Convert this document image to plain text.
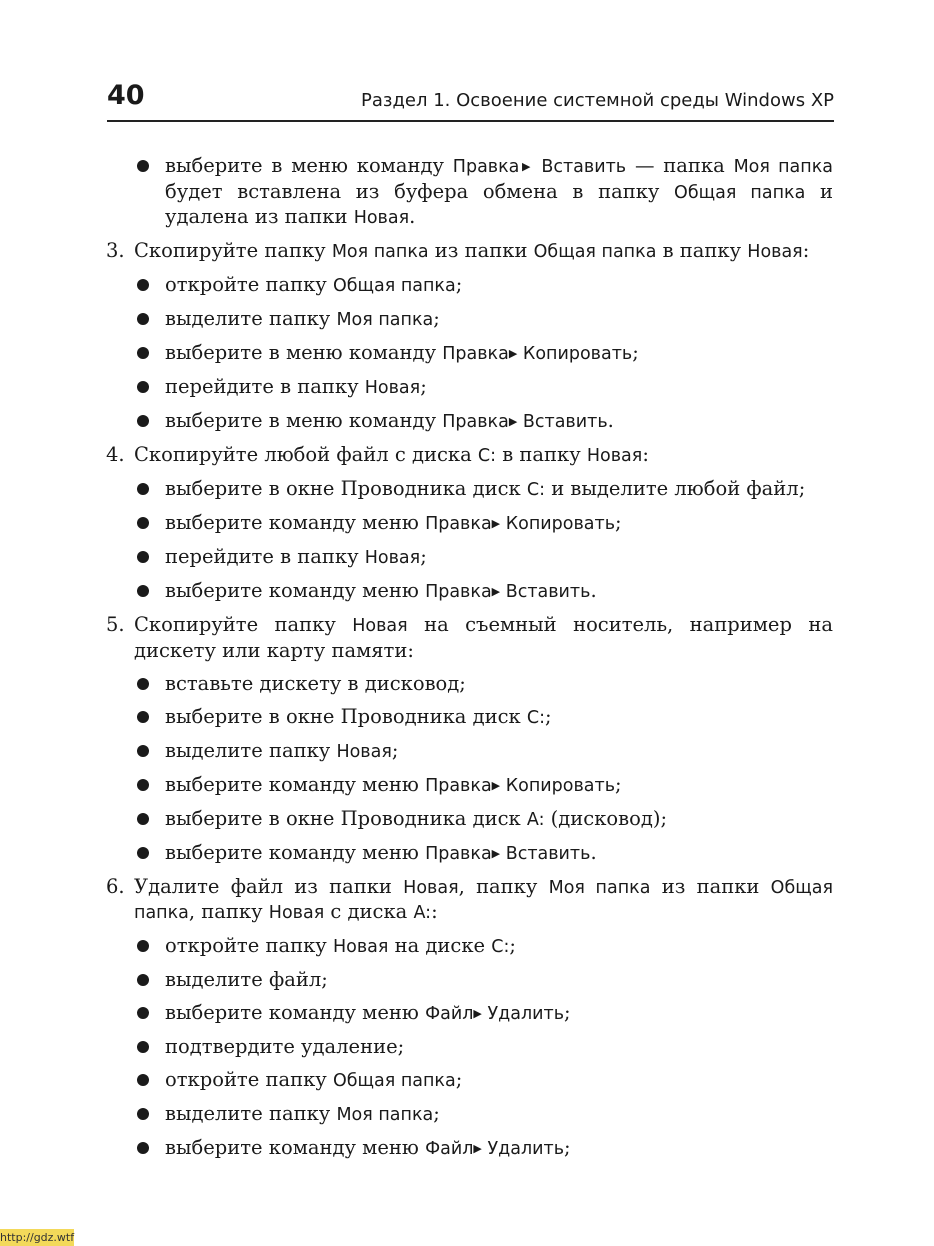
40	Раздел 1. Освоение системной среды Windows XP
выберите в меню команду Правка▶ Вставить — папка Моя папка будет вставлена из буфера обмена в папку Общая папка и удалена из папки Новая.
3. Скопируйте папку Моя папка из папки Общая папка в папку Новая:
откройте папку Общая папка;
выделите папку Моя папка;
выберите в меню команду Правка▶ Копировать;
перейдите в папку Новая;
выберите в меню команду Правка▶ Вставить.
4. Скопируйте любой файл с диска C: в папку Новая:
выберите в окне Проводника диск C: и выделите любой файл;
выберите команду меню Правка▶ Копировать;
перейдите в папку Новая;
выберите команду меню Правка▶ Вставить.
5. Скопируйте папку Новая на съемный носитель, например на дискету или карту памяти:
вставьте дискету в дисковод;
выберите в окне Проводника диск C:;
выделите папку Новая;
выберите команду меню Правка▶ Копировать;
выберите в окне Проводника диск A: (дисковод);
выберите команду меню Правка▶ Вставить.
6. Удалите файл из папки Новая, папку Моя папка из папки Общая папка, папку Новая с диска A::
откройте папку Новая на диске C:;
выделите файл;
выберите команду меню Файл▶ Удалить;
подтвердите удаление;
откройте папку Общая папка;
выделите папку Моя папка;
выберите команду меню Файл▶ Удалить;
http://gdz.wtf
